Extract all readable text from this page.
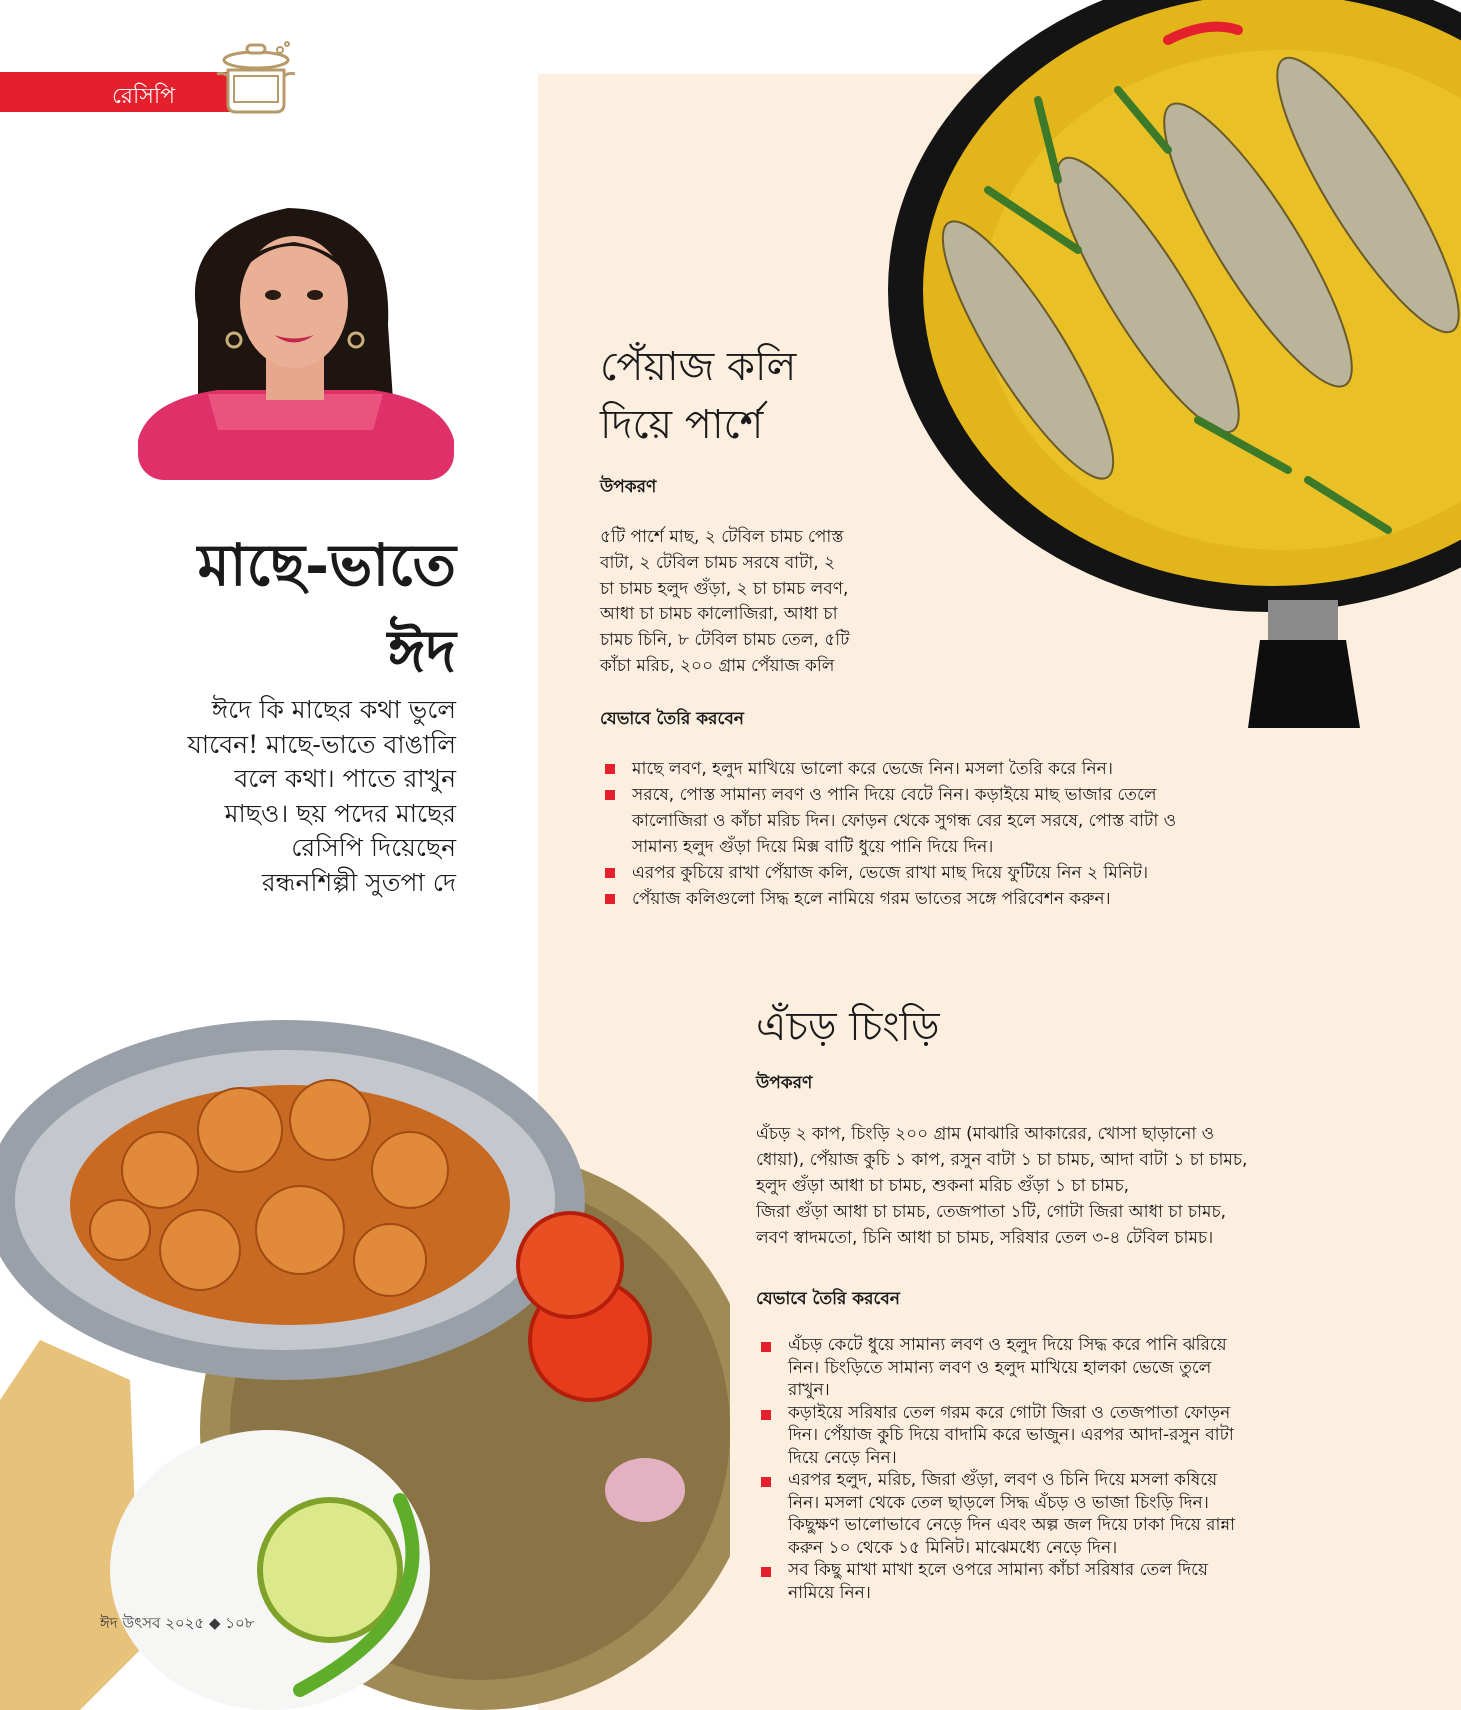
রেসিপি
মাছে-ভাতে
ঈদ
ঈদে কি মাছের কথা ভুলে
যাবেন! মাছে-ভাতে বাঙালি
বলে কথা। পাতে রাখুন
মাছও। ছয় পদের মাছের
রেসিপি দিয়েছেন
রন্ধনশিল্পী সুতপা দে
পেঁয়াজ কলি
দিয়ে পার্শে
উপকরণ
৫টি পার্শে মাছ, ২ টেবিল চামচ পোস্ত
বাটা, ২ টেবিল চামচ সরষে বাটা, ২
চা চামচ হলুদ গুঁড়া, ২ চা চামচ লবণ,
আধা চা চামচ কালোজিরা, আধা চা
চামচ চিনি, ৮ টেবিল চামচ তেল, ৫টি
কাঁচা মরিচ, ২০০ গ্রাম পেঁয়াজ কলি
যেভাবে তৈরি করবেন
মাছে লবণ, হলুদ মাখিয়ে ভালো করে ভেজে নিন। মসলা তৈরি করে নিন।
সরষে, পোস্ত সামান্য লবণ ও পানি দিয়ে বেটে নিন। কড়াইয়ে মাছ ভাজার তেলে
কালোজিরা ও কাঁচা মরিচ দিন। ফোড়ন থেকে সুগন্ধ বের হলে সরষে, পোস্ত বাটা ও
সামান্য হলুদ গুঁড়া দিয়ে মিক্স বাটি ধুয়ে পানি দিয়ে দিন।
এরপর কুচিয়ে রাখা পেঁয়াজ কলি, ভেজে রাখা মাছ দিয়ে ফুটিয়ে নিন ২ মিনিট।
পেঁয়াজ কলিগুলো সিদ্ধ হলে নামিয়ে গরম ভাতের সঙ্গে পরিবেশন করুন।
ঈদ উৎসব ২০২৫ ◆ ১০৮
এঁচড় চিংড়ি
উপকরণ
এঁচড় ২ কাপ, চিংড়ি ২০০ গ্রাম (মাঝারি আকারের, খোসা ছাড়ানো ও
ধোয়া), পেঁয়াজ কুচি ১ কাপ, রসুন বাটা ১ চা চামচ, আদা বাটা ১ চা চামচ,
হলুদ গুঁড়া আধা চা চামচ, শুকনা মরিচ গুঁড়া ১ চা চামচ,
জিরা গুঁড়া আধা চা চামচ, তেজপাতা ১টি, গোটা জিরা আধা চা চামচ,
লবণ স্বাদমতো, চিনি আধা চা চামচ, সরিষার তেল ৩-৪ টেবিল চামচ।
যেভাবে তৈরি করবেন
এঁচড় কেটে ধুয়ে সামান্য লবণ ও হলুদ দিয়ে সিদ্ধ করে পানি ঝরিয়ে
নিন। চিংড়িতে সামান্য লবণ ও হলুদ মাখিয়ে হালকা ভেজে তুলে
রাখুন।
কড়াইয়ে সরিষার তেল গরম করে গোটা জিরা ও তেজপাতা ফোড়ন
দিন। পেঁয়াজ কুচি দিয়ে বাদামি করে ভাজুন। এরপর আদা-রসুন বাটা
দিয়ে নেড়ে নিন।
এরপর হলুদ, মরিচ, জিরা গুঁড়া, লবণ ও চিনি দিয়ে মসলা কষিয়ে
নিন। মসলা থেকে তেল ছাড়লে সিদ্ধ এঁচড় ও ভাজা চিংড়ি দিন।
কিছুক্ষণ ভালোভাবে নেড়ে দিন এবং অল্প জল দিয়ে ঢাকা দিয়ে রান্না
করুন ১০ থেকে ১৫ মিনিট। মাঝেমধ্যে নেড়ে দিন।
সব কিছু মাখা মাখা হলে ওপরে সামান্য কাঁচা সরিষার তেল দিয়ে
নামিয়ে নিন।
